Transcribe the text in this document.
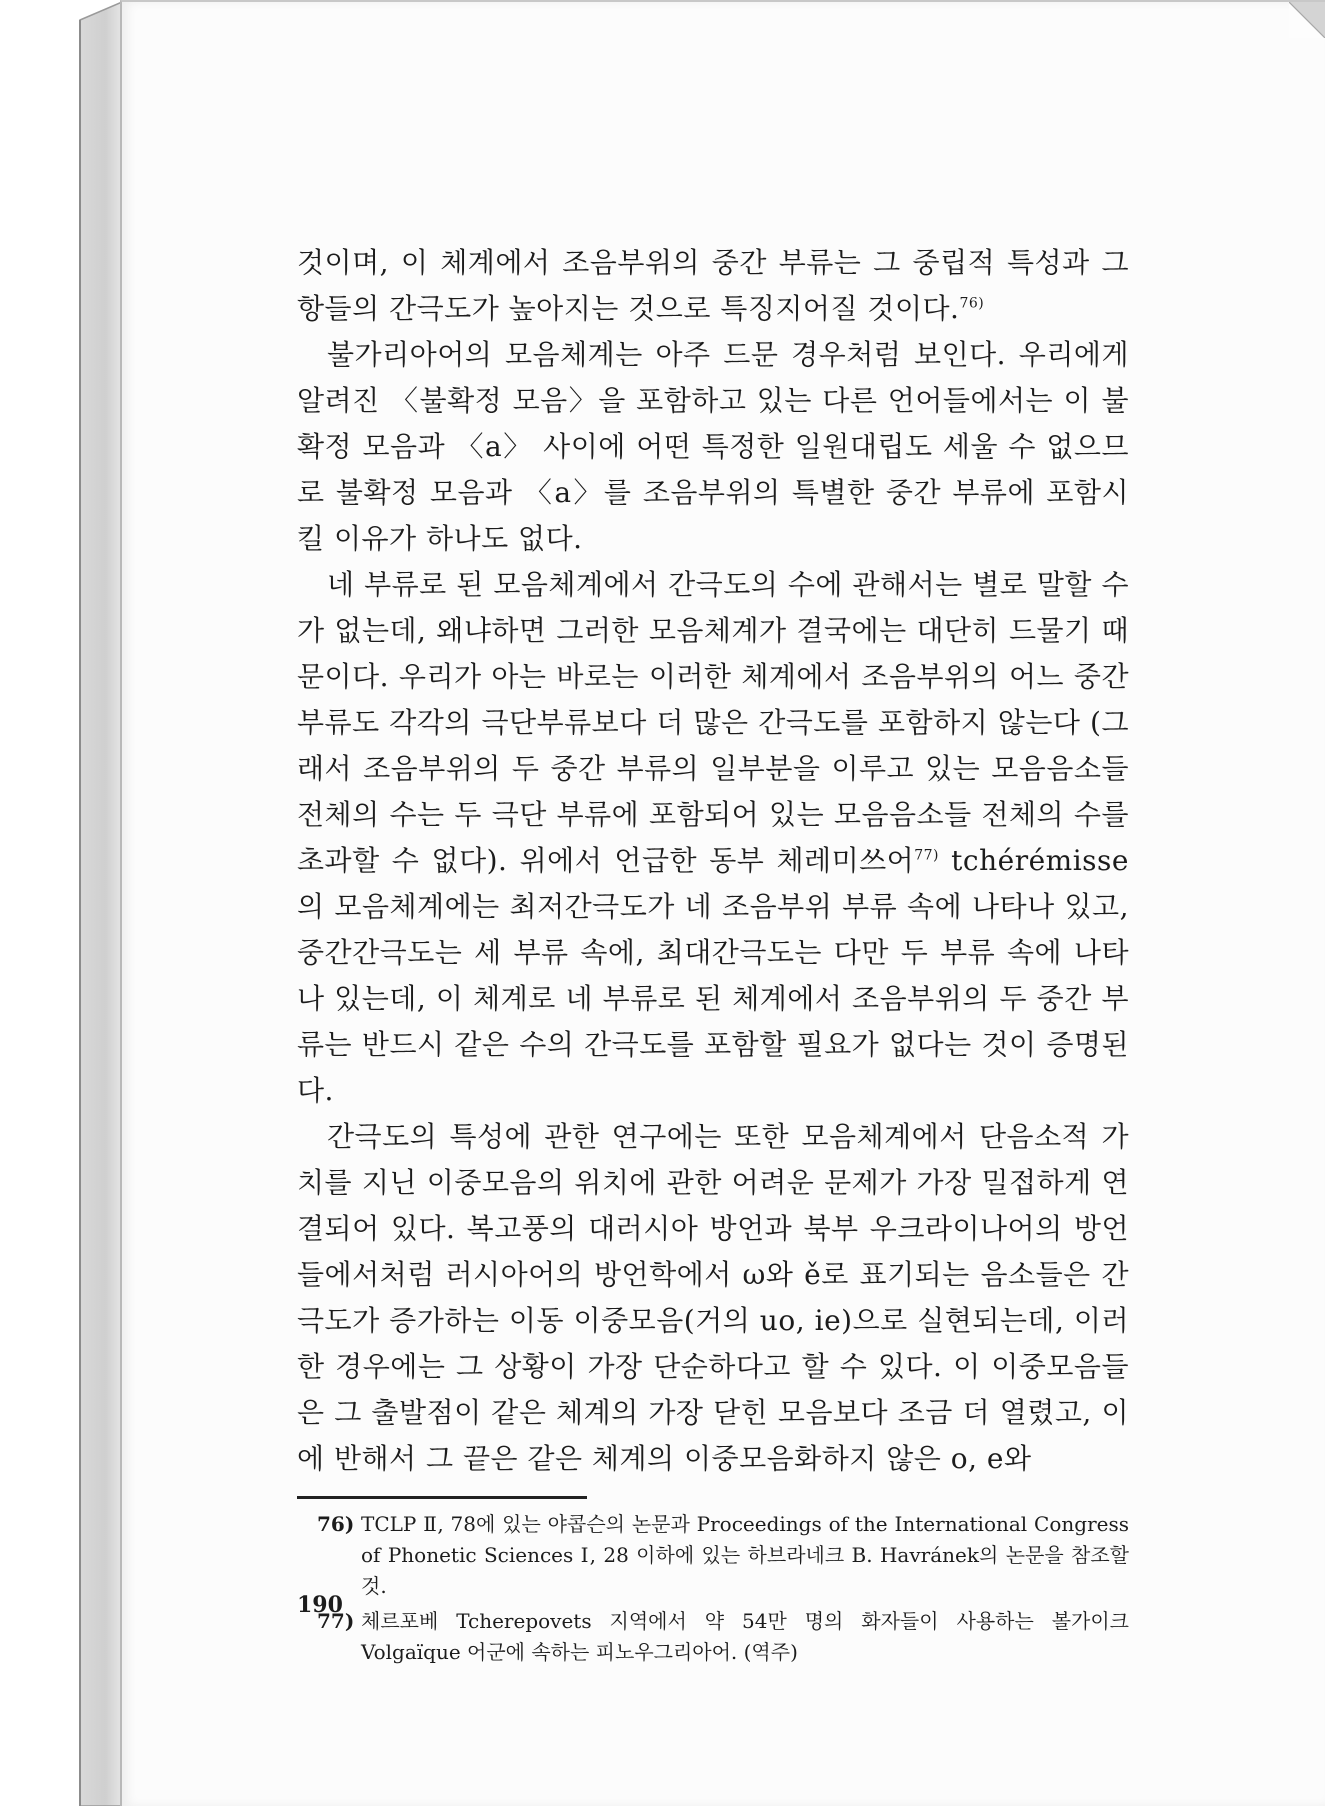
것이며, 이 체계에서 조음부위의 중간 부류는 그 중립적 특성과 그 항들의 간극도가 높아지는 것으로 특징지어질 것이다.$^{76)}$

불가리아어의 모음체계는 아주 드문 경우처럼 보인다. 우리에게 알려진 〈불확정 모음〉을 포함하고 있는 다른 언어들에서는 이 불확정 모음과 〈a〉 사이에 어떤 특정한 일원대립도 세울 수 없으므로 불확정 모음과 〈a〉를 조음부위의 특별한 중간 부류에 포함시킬 이유가 하나도 없다.

네 부류로 된 모음체계에서 간극도의 수에 관해서는 별로 말할 수가 없는데, 왜냐하면 그러한 모음체계가 결국에는 대단히 드물기 때문이다. 우리가 아는 바로는 이러한 체계에서 조음부위의 어느 중간 부류도 각각의 극단부류보다 더 많은 간극도를 포함하지 않는다 (그래서 조음부위의 두 중간 부류의 일부분을 이루고 있는 모음음소들 전체의 수는 두 극단 부류에 포함되어 있는 모음음소들 전체의 수를 초과할 수 없다). 위에서 언급한 동부 체레미쓰어$^{77)}$ tchérémisse의 모음체계에는 최저간극도가 네 조음부위 부류 속에 나타나 있고, 중간간극도는 세 부류 속에, 최대간극도는 다만 두 부류 속에 나타나 있는데, 이 체계로 네 부류로 된 체계에서 조음부위의 두 중간 부류는 반드시 같은 수의 간극도를 포함할 필요가 없다는 것이 증명된다.

간극도의 특성에 관한 연구에는 또한 모음체계에서 단음소적 가치를 지닌 이중모음의 위치에 관한 어려운 문제가 가장 밀접하게 연결되어 있다. 복고풍의 대러시아 방언과 북부 우크라이나어의 방언들에서처럼 러시아어의 방언학에서 ω와 ě로 표기되는 음소들은 간극도가 증가하는 이동 이중모음(거의 uo, ie)으로 실현되는데, 이러한 경우에는 그 상황이 가장 단순하다고 할 수 있다. 이 이중모음들은 그 출발점이 같은 체계의 가장 닫힌 모음보다 조금 더 열렸고, 이에 반해서 그 끝은 같은 체계의 이중모음화하지 않은 o, e와

76) TCLP Ⅱ, 78에 있는 야콥슨의 논문과 Proceedings of the International Congress of Phonetic Sciences Ⅰ, 28 이하에 있는 하브라네크 B. Havránek의 논문을 참조할 것.
77) 체르포베 Tcherepovets 지역에서 약 54만 명의 화자들이 사용하는 볼가이크 Volgaïque 어군에 속하는 피노우그리아어. (역주)
190
